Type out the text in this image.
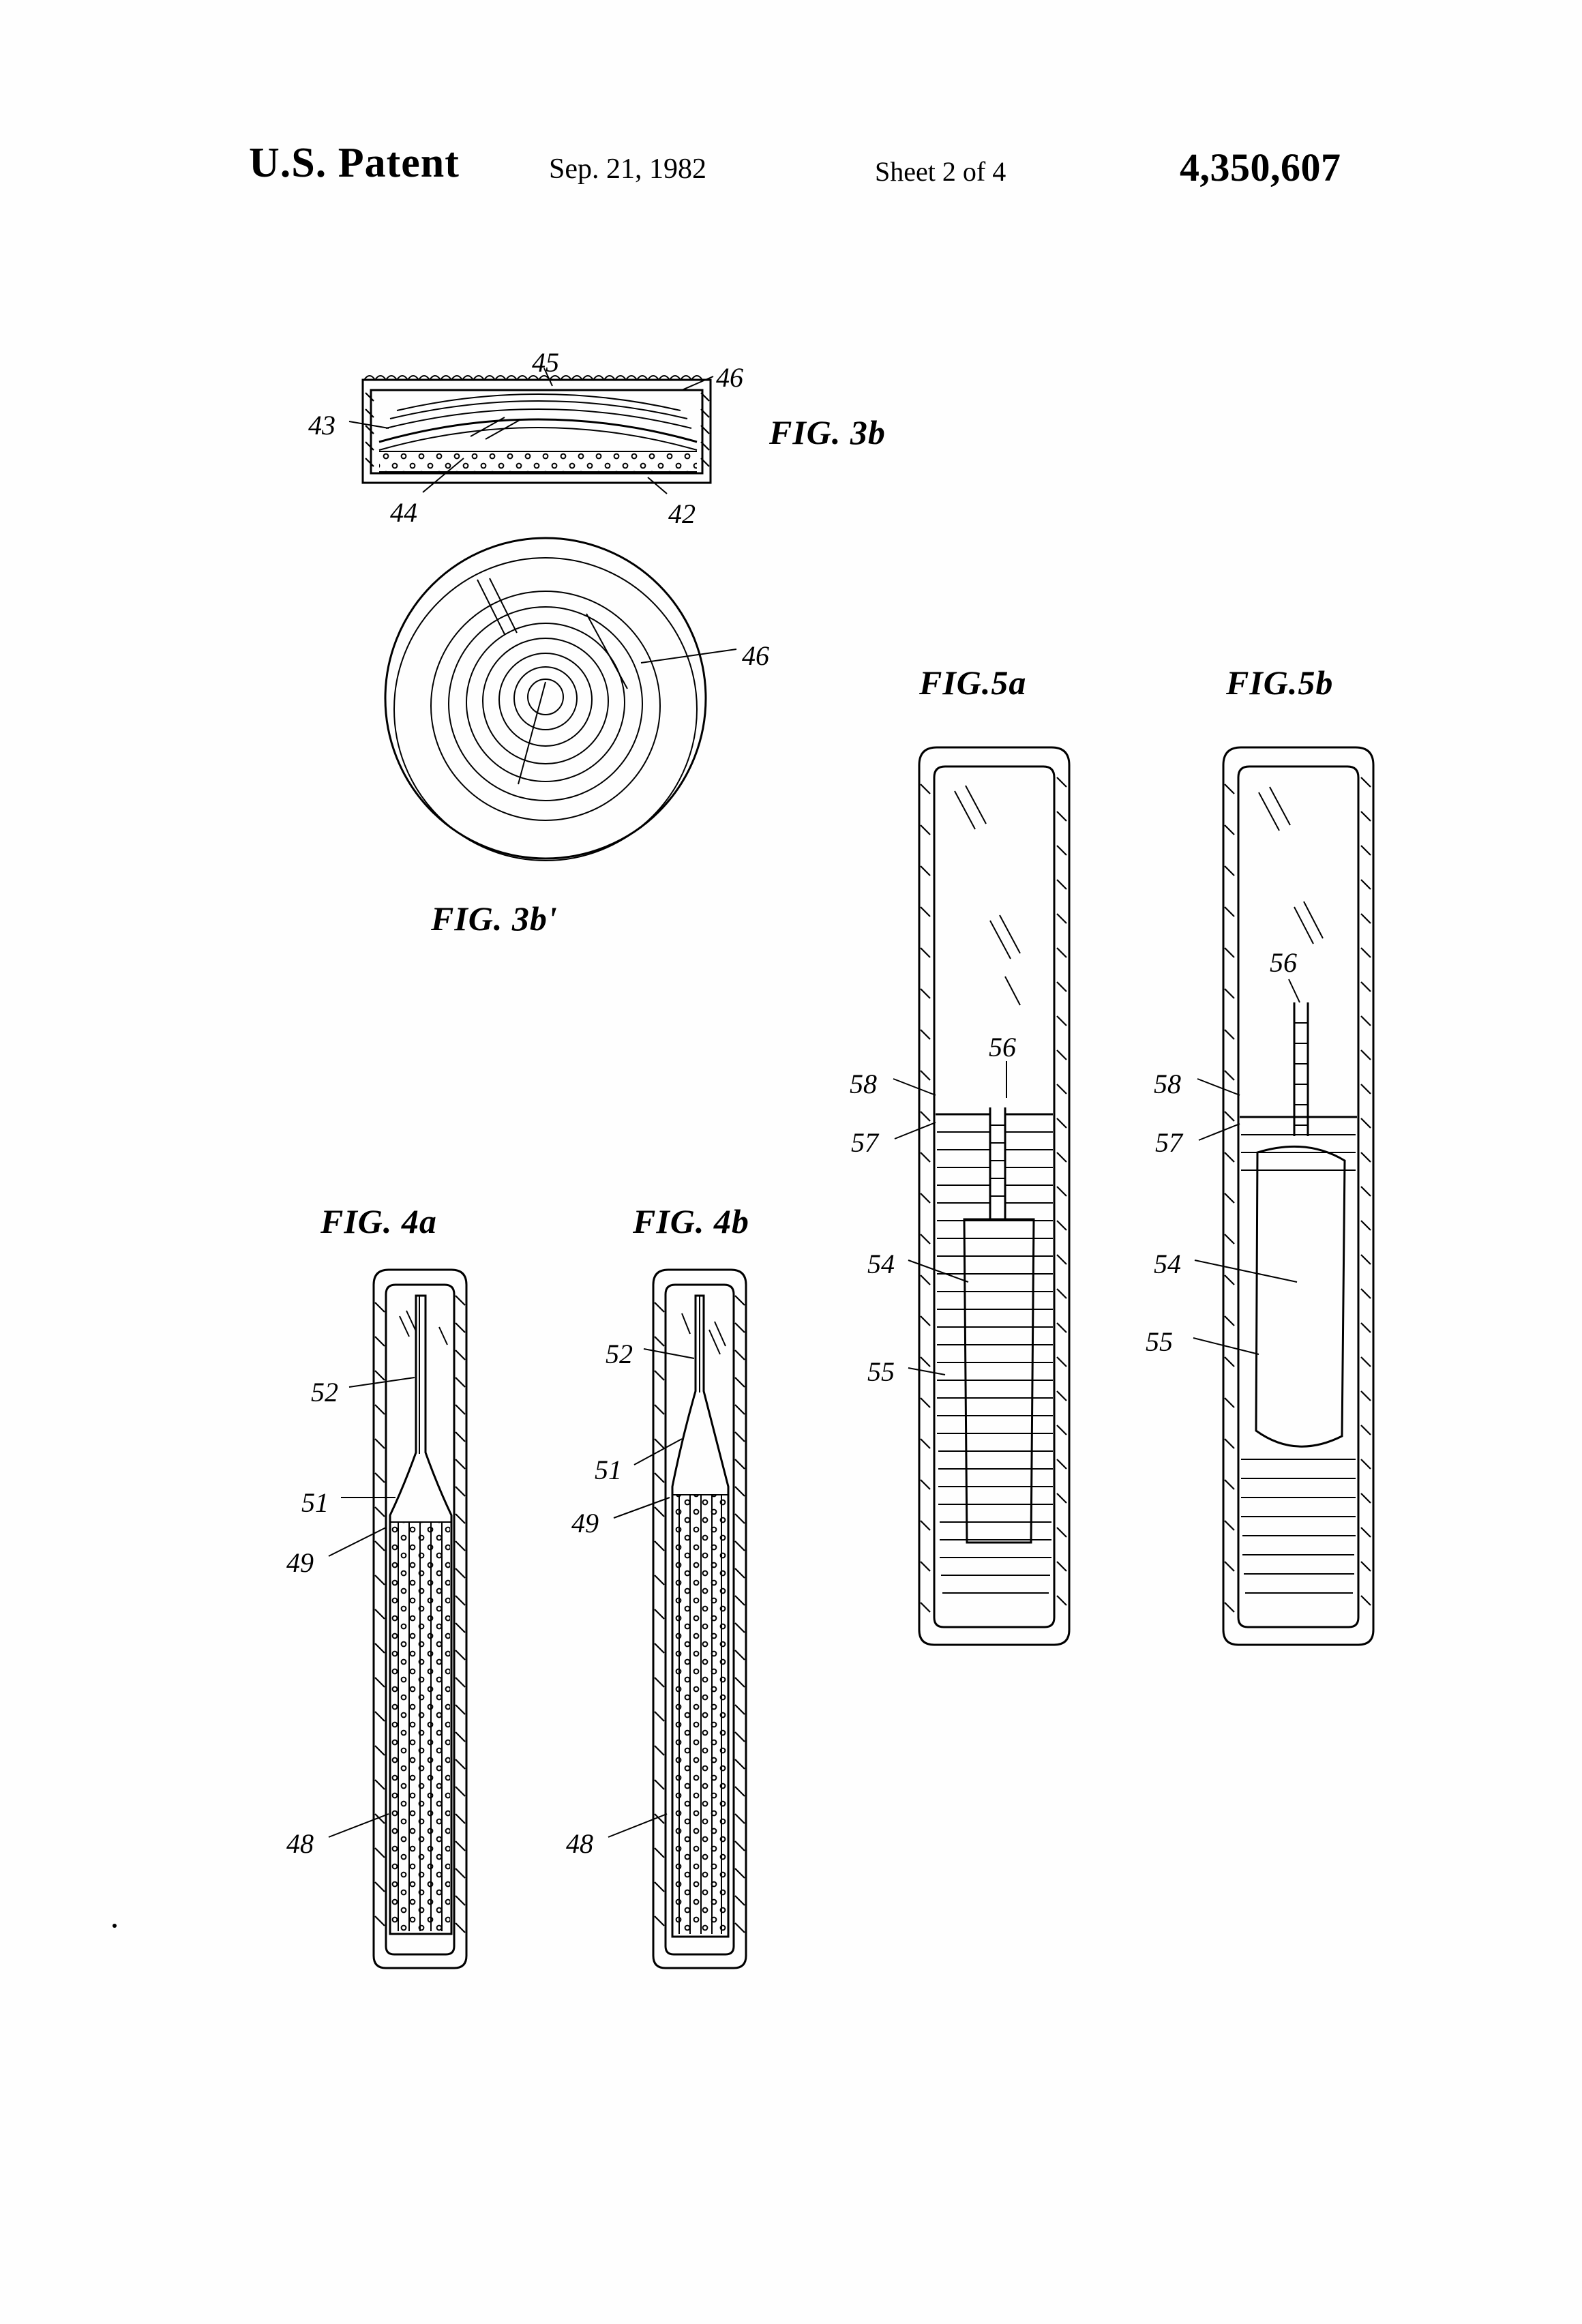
U.S. Patent	Sep. 21, 1982	Sheet 2 of 4	4,350,607
FIG. 3b
FIG. 3b'
FIG. 4a	FIG. 4b
FIG.5a	FIG.5b
45	46
43
44	42
46
52
51
49
48
52
51
49
48
58
57
56
54
55
58
57
56
54
55
